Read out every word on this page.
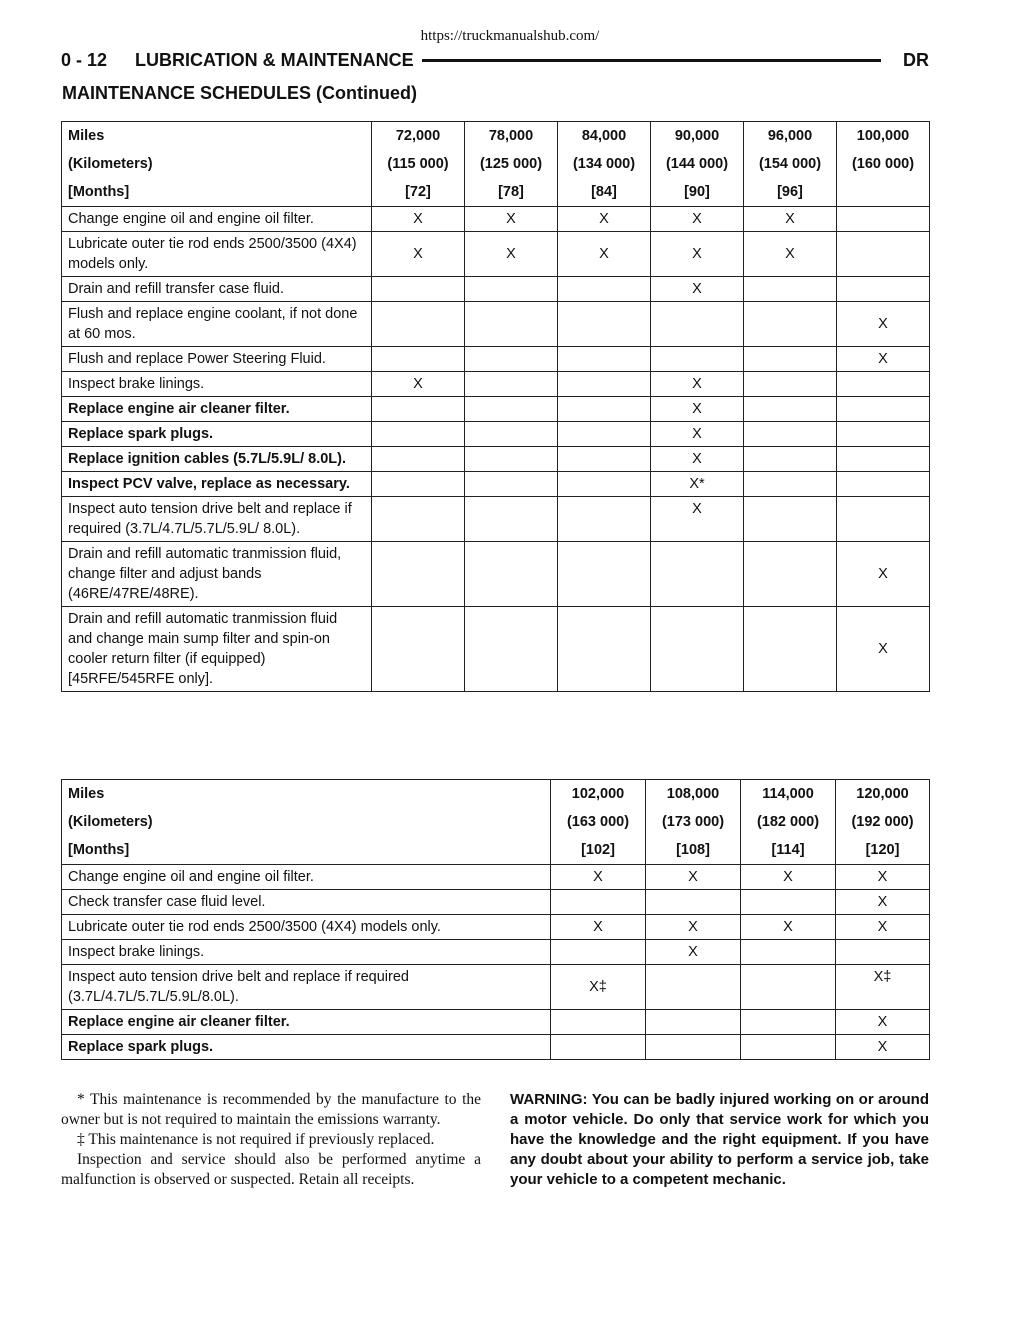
https://truckmanualshub.com/
0 - 12 LUBRICATION & MAINTENANCE	DR
MAINTENANCE SCHEDULES (Continued)
Miles	72,000	78,000	84,000	90,000	96,000	100,000
(Kilometers)	(115 000)	(125 000)	(134 000)	(144 000)	(154 000)	(160 000)
[Months]	[72]	[78]	[84]	[90]	[96]	
Change engine oil and engine oil filter.	X	X	X	X	X	
Lubricate outer tie rod ends 2500/3500 (4X4) models only.	X	X	X	X	X	
Drain and refill transfer case fluid.				X		
Flush and replace engine coolant, if not done at 60 mos.						X
Flush and replace Power Steering Fluid.						X
Inspect brake linings.	X			X		
Replace engine air cleaner filter.				X		
Replace spark plugs.				X		
Replace ignition cables (5.7L/5.9L/ 8.0L).				X		
Inspect PCV valve, replace as necessary.				X*		
Inspect auto tension drive belt and replace if required (3.7L/4.7L/5.7L/5.9L/ 8.0L).				X		
Drain and refill automatic tranmission fluid, change filter and adjust bands (46RE/47RE/48RE).						X
Drain and refill automatic tranmission fluid and change main sump filter and spin-on cooler return filter (if equipped) [45RFE/545RFE only].						X
Miles	102,000	108,000	114,000	120,000
(Kilometers)	(163 000)	(173 000)	(182 000)	(192 000)
[Months]	[102]	[108]	[114]	[120]
Change engine oil and engine oil filter.	X	X	X	X
Check transfer case fluid level.				X
Lubricate outer tie rod ends 2500/3500 (4X4) models only.	X	X	X	X
Inspect brake linings.		X		
Inspect auto tension drive belt and replace if required (3.7L/4.7L/5.7L/5.9L/8.0L).	X‡			X‡
Replace engine air cleaner filter.				X
Replace spark plugs.				X

* This maintenance is recommended by the manufacture to the owner but is not required to maintain the emissions warranty.

‡ This maintenance is not required if previously replaced.

Inspection and service should also be performed anytime a malfunction is observed or suspected. Retain all receipts.

WARNING: You can be badly injured working on or around a motor vehicle. Do only that service work for which you have the knowledge and the right equipment. If you have any doubt about your ability to perform a service job, take your vehicle to a competent mechanic.
